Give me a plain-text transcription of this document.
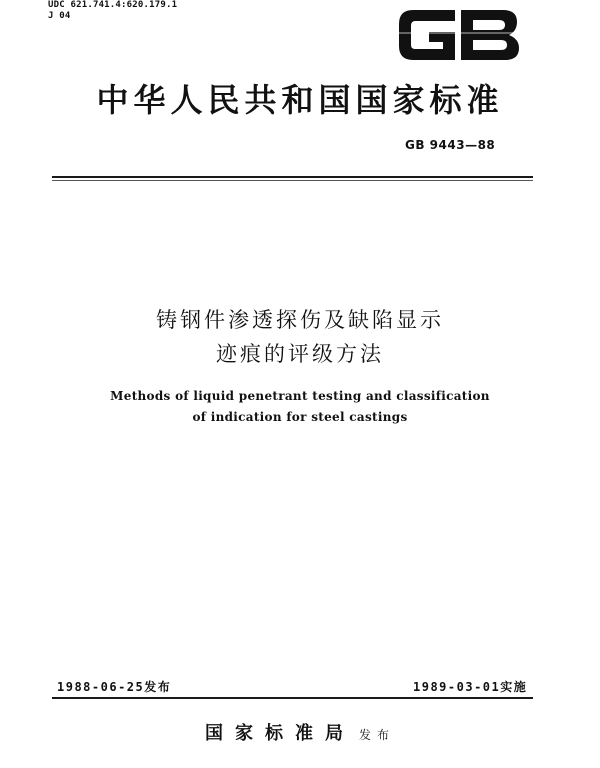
UDC 621.741.4:620.179.1
J 04
中华人民共和国国家标准
GB 9443—88
铸钢件渗透探伤及缺陷显示
迹痕的评级方法
Methods of liquid penetrant testing and classification
of indication for steel castings
1988-06-25发布	1989-03-01实施
国家标准局 发布
